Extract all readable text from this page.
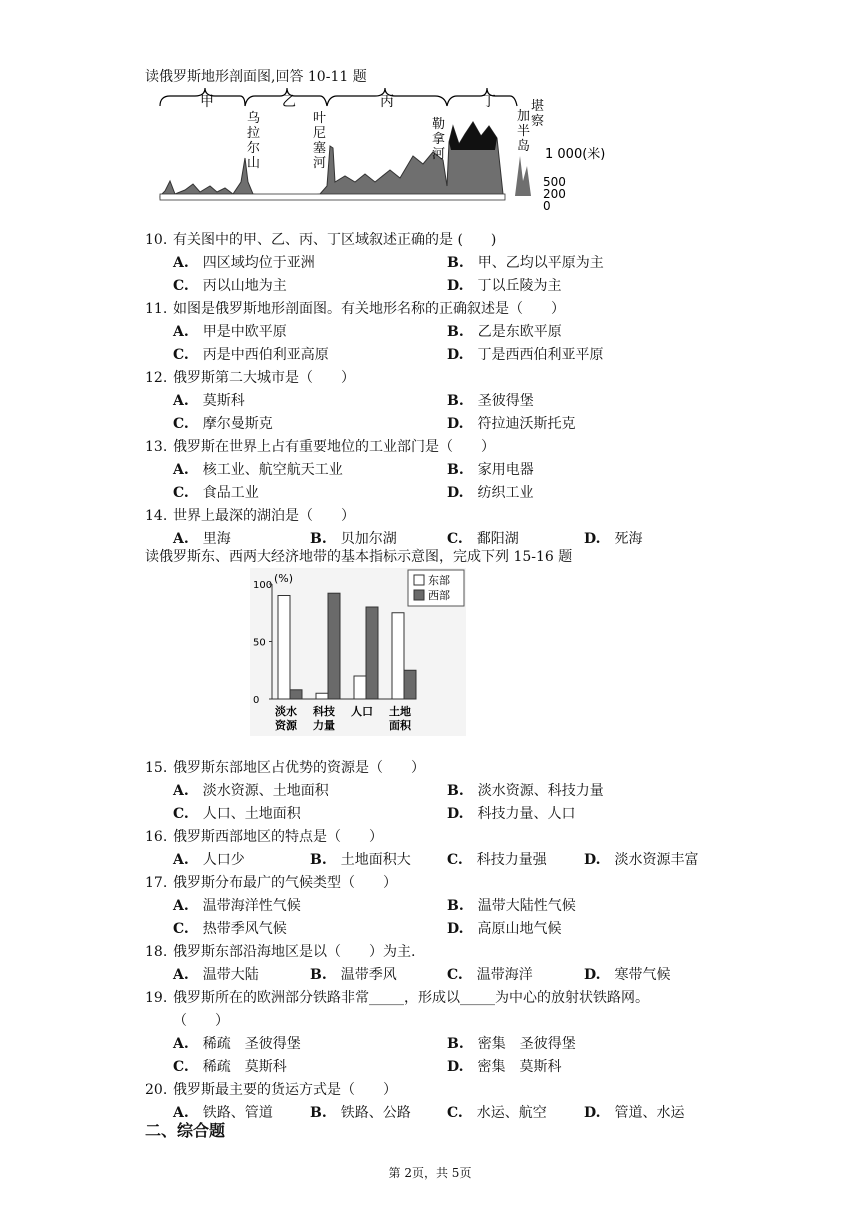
读俄罗斯地形剖面图,回答 10-11 题
甲	乙	丙	丁
乌拉尔山
叶尼塞河
勒拿河
加半岛 堪察
1 000(米)
500
200
0
10. 有关图中的甲、乙、丙、丁区域叙述正确的是 (　　)
A.　 四区域均位于亚洲	B.　 甲、乙均以平原为主
C.　 丙以山地为主	D.　 丁以丘陵为主
11. 如图是俄罗斯地形剖面图。有关地形名称的正确叙述是（　　）
A.　 甲是中欧平原	B.　 乙是东欧平原
C.　 丙是中西伯利亚高原	D.　 丁是西西伯利亚平原
12. 俄罗斯第二大城市是（　　）
A.　 莫斯科	B.　 圣彼得堡
C.　 摩尔曼斯克	D.　 符拉迪沃斯托克
13. 俄罗斯在世界上占有重要地位的工业部门是（　　）
A.　 核工业、航空航天工业	B.　 家用电器
C.　 食品工业	D.　 纺织工业
14. 世界上最深的湖泊是（　　）
A.　 里海	B.　 贝加尔湖	C.　 鄱阳湖	D.　 死海
读俄罗斯东、西两大经济地带的基本指标示意图，完成下列 15-16 题
(%)	东部
西部
100
50
0
淡水
资源
科技
力量
人口 土地
面积
15. 俄罗斯东部地区占优势的资源是（　　）
A.　 淡水资源、土地面积	B.　 淡水资源、科技力量
C.　 人口、土地面积	D.　 科技力量、人口
16. 俄罗斯西部地区的特点是（　　）
A.　 人口少	B.　 土地面积大	C.　 科技力量强	D.　 淡水资源丰富
17. 俄罗斯分布最广的气候类型（　　）
A.　 温带海洋性气候	B.　 温带大陆性气候
C.　 热带季风气候	D.　 高原山地气候
18. 俄罗斯东部沿海地区是以（　　）为主.
A.　 温带大陆	B.　 温带季风	C.　 温带海洋	D.　 寒带气候
19. 俄罗斯所在的欧洲部分铁路非常_____，形成以_____为中心的放射状铁路网。
（　　）
A.　 稀疏　圣彼得堡	B.　 密集　圣彼得堡
C.　 稀疏　莫斯科	D.　 密集　莫斯科
20. 俄罗斯最主要的货运方式是（　　）
A.　 铁路、管道	B.　 铁路、公路	C.　 水运、航空	D.　 管道、水运
二、综合题
第 2页，共 5页
